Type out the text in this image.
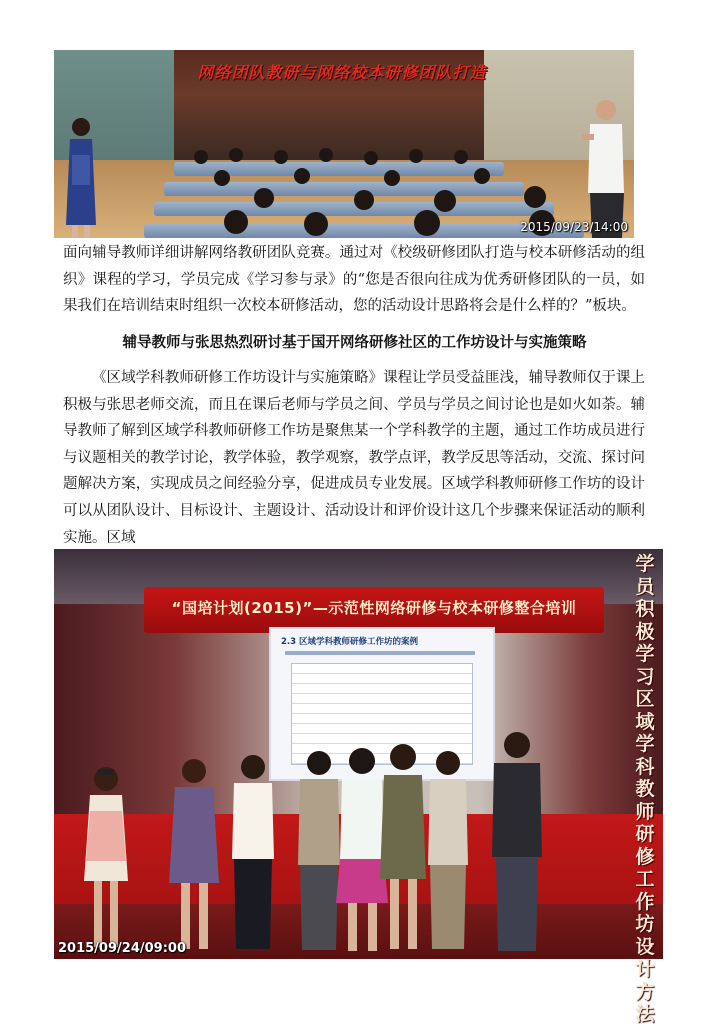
网络团队教研与网络校本研修团队打造
2015/09/23/14:00

面向辅导教师详细讲解网络教研团队竞赛。通过对《校级研修团队打造与校本研修活动的组织》课程的学习，学员完成《学习参与录》的“您是否很向往成为优秀研修团队的一员，如果我们在培训结束时组织一次校本研修活动，您的活动设计思路将会是什么样的？”板块。

辅导教师与张思热烈研讨基于国开网络研修社区的工作坊设计与实施策略

《区域学科教师研修工作坊设计与实施策略》课程让学员受益匪浅，辅导教师仅于课上积极与张思老师交流，而且在课后老师与学员之间、学员与学员之间讨论也是如火如荼。辅导教师了解到区域学科教师研修工作坊是聚焦某一个学科教学的主题，通过工作坊成员进行与议题相关的教学讨论，教学体验，教学观察，教学点评，教学反思等活动，交流、探讨问题解决方案，实现成员之间经验分享，促进成员专业发展。区域学科教师研修工作坊的设计可以从团队设计、目标设计、主题设计、活动设计和评价设计这几个步骤来保证活动的顺利实施。区域

“国培计划(2015)”—示范性网络研修与校本研修整合培训
2.3 区域学科教师研修工作坊的案例
2015/09/24/09:00
学员积极学习区域学科教师研修工作坊设计方法
